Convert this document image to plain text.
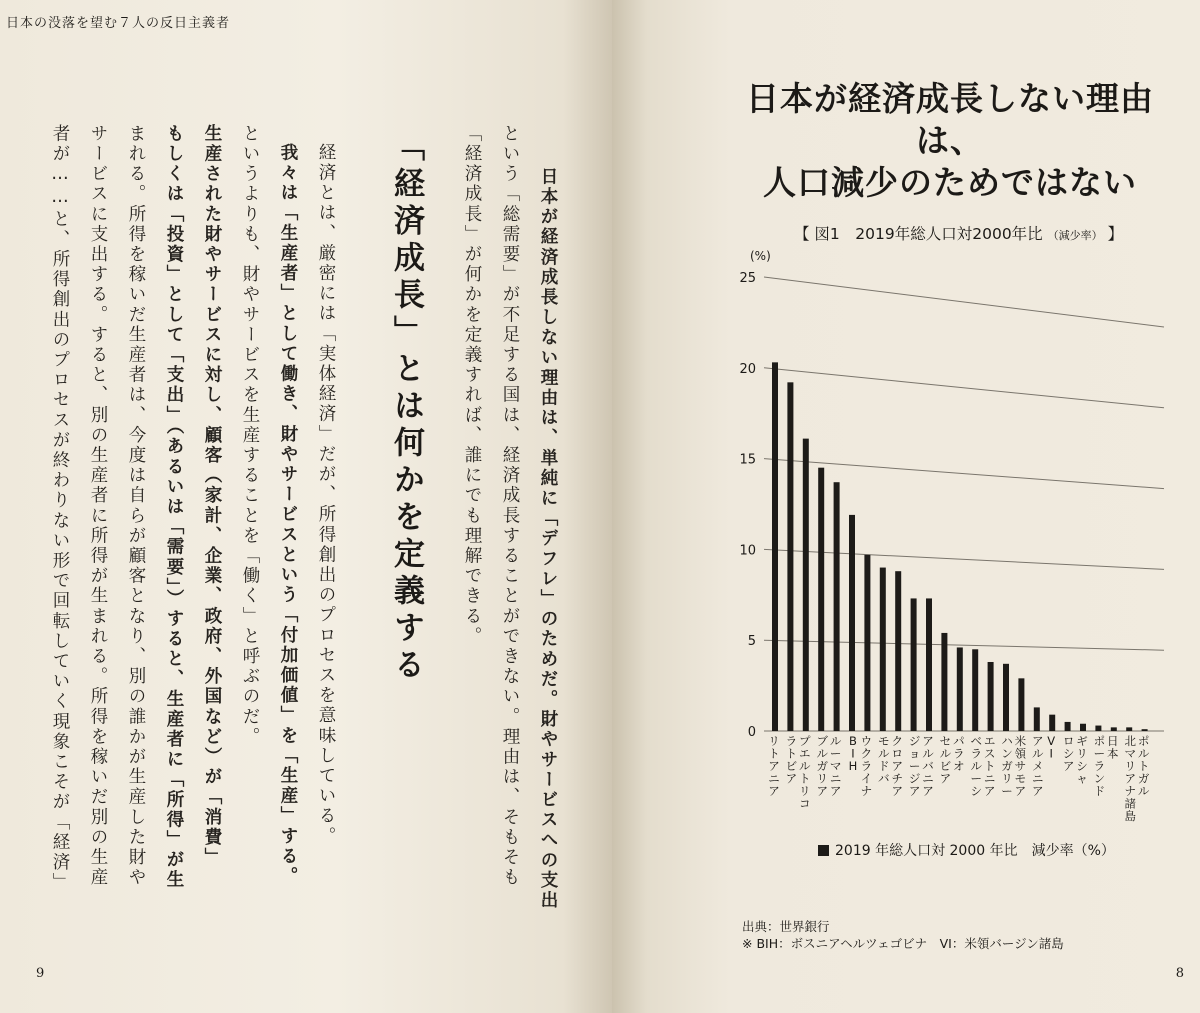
日本の没落を望む７人の反日主義者
「経済成長」とは何かを定義する	日本が経済成長しない理由は、単純に「デフレ」のためだ。財やサービスへの支出
という「総需要」が不足する国は、経済成長することができない。理由は、そもそも
「経済成長」が何かを定義すれば、誰にでも理解できる。
経済とは、厳密には「実体経済」だが、所得創出のプロセスを意味している。
我々は「生産者」として働き、財やサービスという「付加価値」を「生産」する。
というよりも、財やサービスを生産することを「働く」と呼ぶのだ。
生産された財やサービスに対し、顧客（家計、企業、政府、外国など）が「消費」
もしくは「投資」として「支出」（あるいは「需要」）すると、生産者に「所得」が生
まれる。所得を稼いだ生産者は、今度は自らが顧客となり、別の誰かが生産した財や
サービスに支出する。すると、別の生産者に所得が生まれる。所得を稼いだ別の生産
者が……と、所得創出のプロセスが終わりない形で回転していく現象こそが「経済」
9
日本が経済成長しない理由は、
人口減少のためではない
【 図1　2019年総人口対2000年比 （減少率） 】
(%)
0
5
10
15
20
25
リトアニア
ラトビア
プエルトリコ
ブルガリア
ルーマニア
B I H
ウクライナ
モルドバ
クロアチア
ジョージア
アルバニア
セルビア
パラオ
ベラルーシ
エストニア
ハンガリー
米領サモア
アルメニア
V I
ロシア
ギリシャ
ポーランド
日本
北マリアナ諸島
ポルトガル
2019 年総人口対 2000 年比　減少率（%）
出典：世界銀行
※ BIH：ボスニアヘルツェゴビナ　VI：米領バージン諸島
8
